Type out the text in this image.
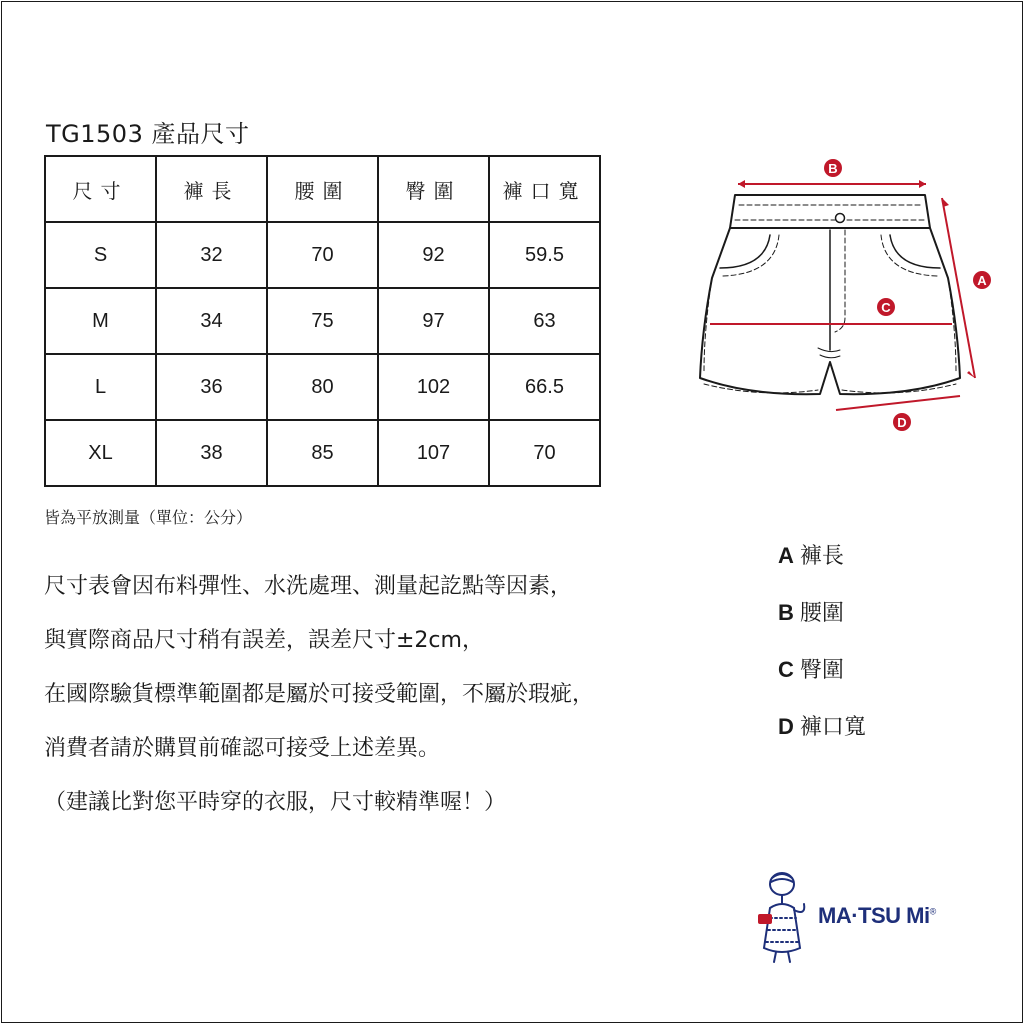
TG1503 產品尺寸
尺寸	褲長	腰圍	臀圍	褲口寬
S	32	70	92	59.5
M	34	75	97	63
L	36	80	102	66.5
XL	38	85	107	70
皆為平放測量（單位：公分）
尺寸表會因布料彈性、水洗處理、測量起訖點等因素，
與實際商品尺寸稍有誤差，誤差尺寸±2cm，
在國際驗貨標準範圍都是屬於可接受範圍，不屬於瑕疵，
消費者請於購買前確認可接受上述差異。
（建議比對您平時穿的衣服，尺寸較精準喔！）
B
A
C
D
A 褲長
B 腰圍
C 臀圍
D 褲口寬
MA·TSU Mi®
